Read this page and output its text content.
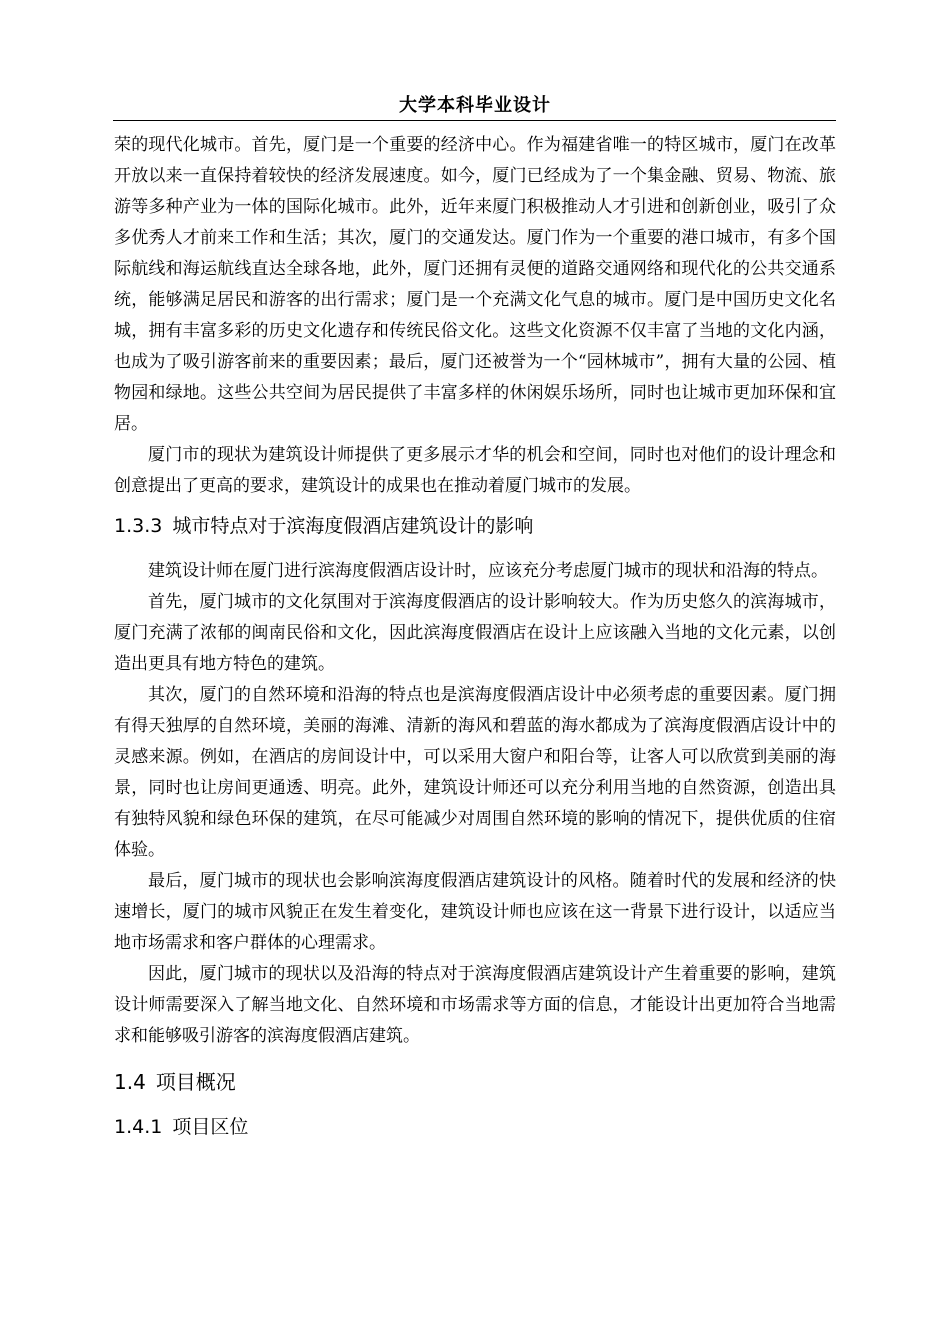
大学本科毕业设计

荣的现代化城市。首先，厦门是一个重要的经济中心。作为福建省唯一的特区城市，厦门在改革开放以来一直保持着较快的经济发展速度。如今，厦门已经成为了一个集金融、贸易、物流、旅游等多种产业为一体的国际化城市。此外，近年来厦门积极推动人才引进和创新创业，吸引了众多优秀人才前来工作和生活；其次，厦门的交通发达。厦门作为一个重要的港口城市，有多个国际航线和海运航线直达全球各地，此外，厦门还拥有灵便的道路交通网络和现代化的公共交通系统，能够满足居民和游客的出行需求；厦门是一个充满文化气息的城市。厦门是中国历史文化名城，拥有丰富多彩的历史文化遗存和传统民俗文化。这些文化资源不仅丰富了当地的文化内涵，也成为了吸引游客前来的重要因素；最后，厦门还被誉为一个“园林城市”，拥有大量的公园、植物园和绿地。这些公共空间为居民提供了丰富多样的休闲娱乐场所，同时也让城市更加环保和宜居。

厦门市的现状为建筑设计师提供了更多展示才华的机会和空间，同时也对他们的设计理念和创意提出了更高的要求，建筑设计的成果也在推动着厦门城市的发展。

1.3.3 城市特点对于滨海度假酒店建筑设计的影响

建筑设计师在厦门进行滨海度假酒店设计时，应该充分考虑厦门城市的现状和沿海的特点。

首先，厦门城市的文化氛围对于滨海度假酒店的设计影响较大。作为历史悠久的滨海城市，厦门充满了浓郁的闽南民俗和文化，因此滨海度假酒店在设计上应该融入当地的文化元素，以创造出更具有地方特色的建筑。

其次，厦门的自然环境和沿海的特点也是滨海度假酒店设计中必须考虑的重要因素。厦门拥有得天独厚的自然环境，美丽的海滩、清新的海风和碧蓝的海水都成为了滨海度假酒店设计中的灵感来源。例如，在酒店的房间设计中，可以采用大窗户和阳台等，让客人可以欣赏到美丽的海景，同时也让房间更通透、明亮。此外，建筑设计师还可以充分利用当地的自然资源，创造出具有独特风貌和绿色环保的建筑，在尽可能减少对周围自然环境的影响的情况下，提供优质的住宿体验。

最后，厦门城市的现状也会影响滨海度假酒店建筑设计的风格。随着时代的发展和经济的快速增长，厦门的城市风貌正在发生着变化，建筑设计师也应该在这一背景下进行设计，以适应当地市场需求和客户群体的心理需求。

因此，厦门城市的现状以及沿海的特点对于滨海度假酒店建筑设计产生着重要的影响，建筑设计师需要深入了解当地文化、自然环境和市场需求等方面的信息，才能设计出更加符合当地需求和能够吸引游客的滨海度假酒店建筑。

1.4 项目概况
1.4.1 项目区位
